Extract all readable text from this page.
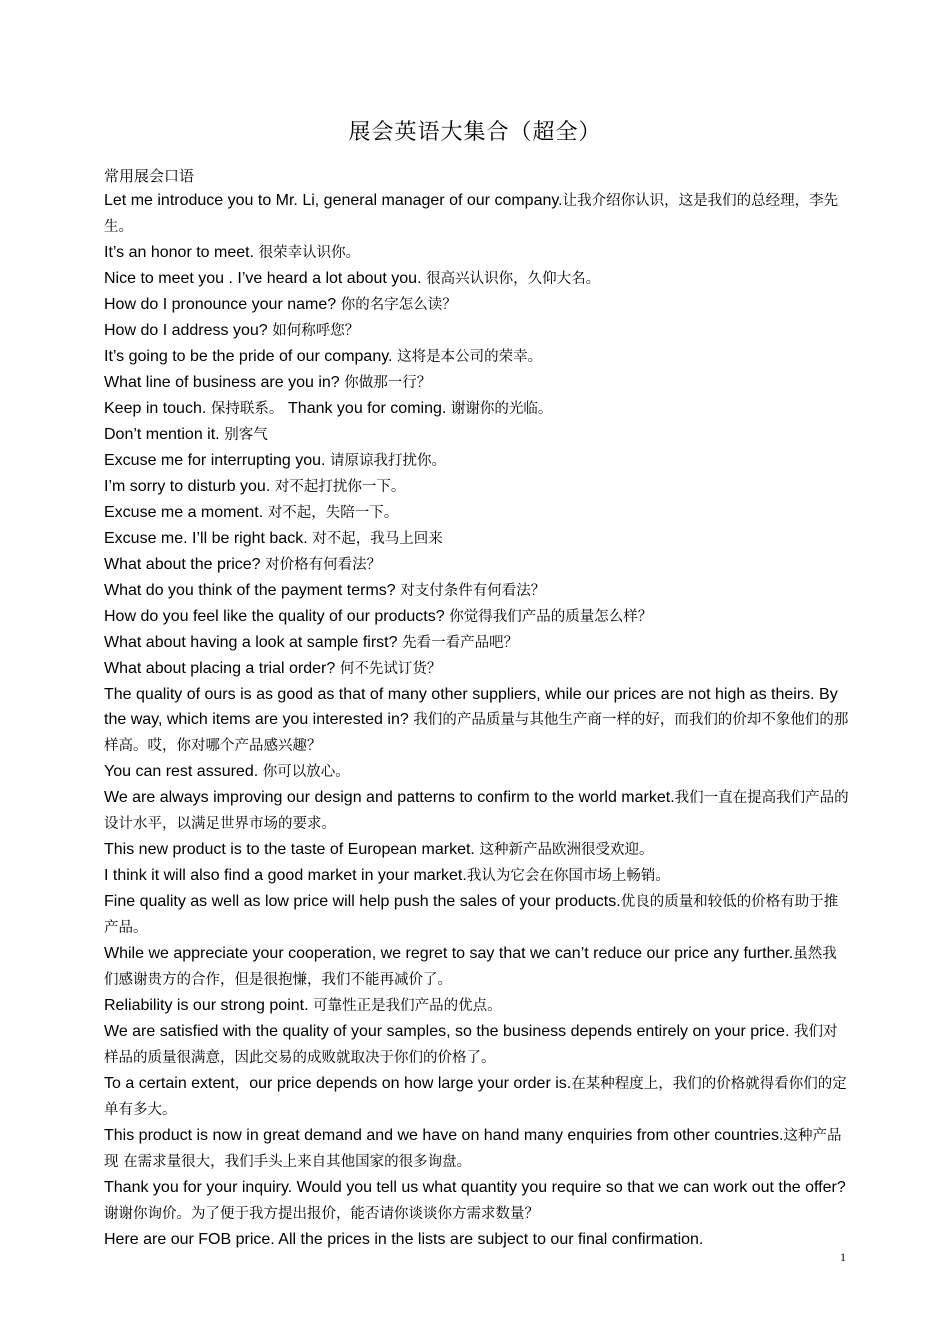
展会英语大集合（超全）
常用展会口语

Let me introduce you to Mr. Li, general manager of our company.让我介绍你认识，这是我们的总经理，李先生。

It’s an honor to meet. 很荣幸认识你。

Nice to meet you . I’ve heard a lot about you. 很高兴认识你，久仰大名。

How do I pronounce your name? 你的名字怎么读？

How do I address you? 如何称呼您？

It’s going to be the pride of our company. 这将是本公司的荣幸。

What line of business are you in? 你做那一行？

Keep in touch. 保持联系。 Thank you for coming. 谢谢你的光临。

Don’t mention it. 别客气

Excuse me for interrupting you. 请原谅我打扰你。

I’m sorry to disturb you. 对不起打扰你一下。

Excuse me a moment. 对不起，失陪一下。

Excuse me. I’ll be right back. 对不起，我马上回来

What about the price? 对价格有何看法？

What do you think of the payment terms? 对支付条件有何看法？

How do you feel like the quality of our products? 你觉得我们产品的质量怎么样？

What about having a look at sample first? 先看一看产品吧？

What about placing a trial order? 何不先试订货？

The quality of ours is as good as that of many other suppliers, while our prices are not high as theirs. By the way, which items are you interested in? 我们的产品质量与其他生产商一样的好，而我们的价却不象他们的那样高。哎，你对哪个产品感兴趣？

You can rest assured. 你可以放心。

We are always improving our design and patterns to confirm to the world market.我们一直在提高我们产品的设计水平，以满足世界市场的要求。

This new product is to the taste of European market. 这种新产品欧洲很受欢迎。

I think it will also find a good market in your market.我认为它会在你国市场上畅销。

Fine quality as well as low price will help push the sales of your products.优良的质量和较低的价格有助于推产品。

While we appreciate your cooperation, we regret to say that we can’t reduce our price any further.虽然我们感谢贵方的合作，但是很抱慊，我们不能再减价了。

Reliability is our strong point. 可靠性正是我们产品的优点。

We are satisfied with the quality of your samples, so the business depends entirely on your price. 我们对样品的质量很满意，因此交易的成败就取决于你们的价格了。

To a certain extent，our price depends on how large your order is.在某种程度上，我们的价格就得看你们的定单有多大。

This product is now in great demand and we have on hand many enquiries from other countries.这种产品现 在需求量很大，我们手头上来自其他国家的很多询盘。

Thank you for your inquiry. Would you tell us what quantity you require so that we can work out the offer? 谢谢你询价。为了便于我方提出报价，能否请你谈谈你方需求数量？

Here are our FOB price. All the prices in the lists are subject to our final confirmation.

1
